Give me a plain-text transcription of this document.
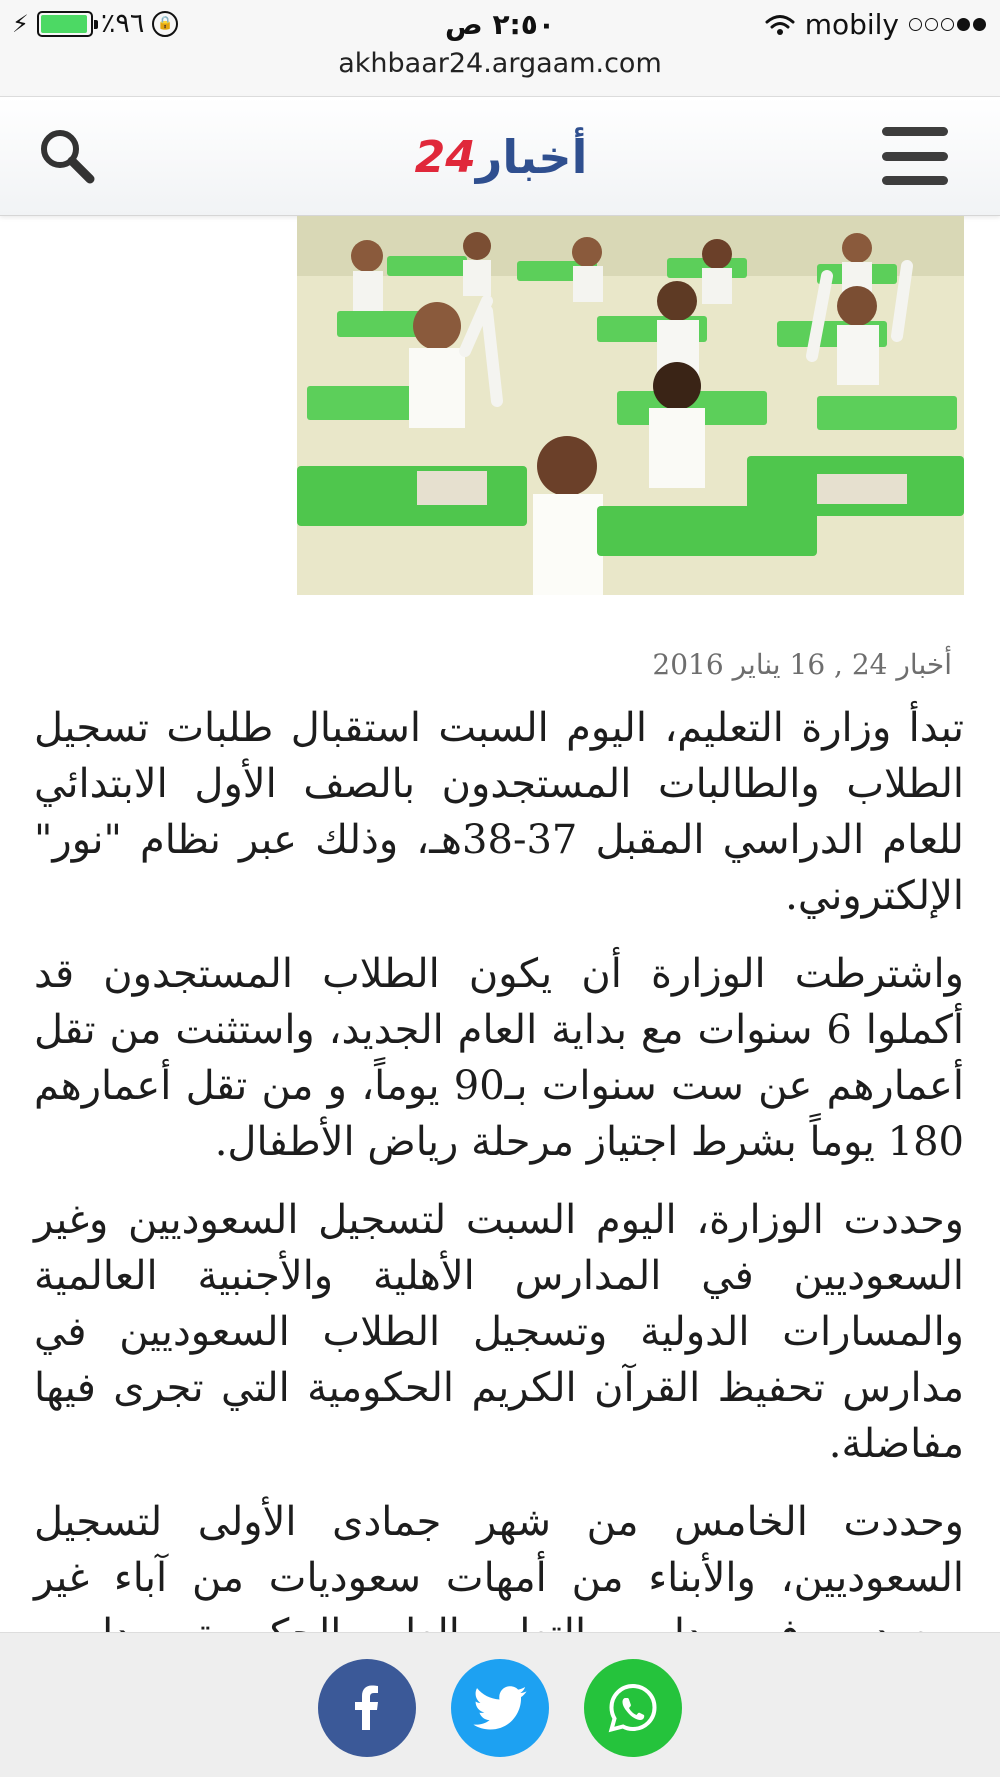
⚡	٪٩٦ 🔒	٢:٥٠ ص	mobily
akhbaar24.argaam.com
24 أخبار
أخبار 24 , 16 يناير 2016

تبدأ وزارة التعليم، اليوم السبت استقبال طلبات تسجيل الطلاب والطالبات المستجدون بالصف الأول الابتدائي للعام الدراسي المقبل 37-38هـ، وذلك عبر نظام "نور" الإلكتروني.

واشترطت الوزارة أن يكون الطلاب المستجدون قد أكملوا 6 سنوات مع بداية العام الجديد، واستثنت من تقل أعمارهم عن ست سنوات بـ90 يوماً، و من تقل أعمارهم 180 يوماً بشرط اجتياز مرحلة رياض الأطفال.

وحددت الوزارة، اليوم السبت لتسجيل السعوديين وغير السعوديين في المدارس الأهلية والأجنبية العالمية والمسارات الدولية وتسجيل الطلاب السعوديين في مدارس تحفيظ القرآن الكريم الحكومية التي تجرى فيها مفاضلة.

وحددت الخامس من شهر جمادى الأولى لتسجيل السعوديين، والأبناء من أمهات سعوديات من آباء غير
